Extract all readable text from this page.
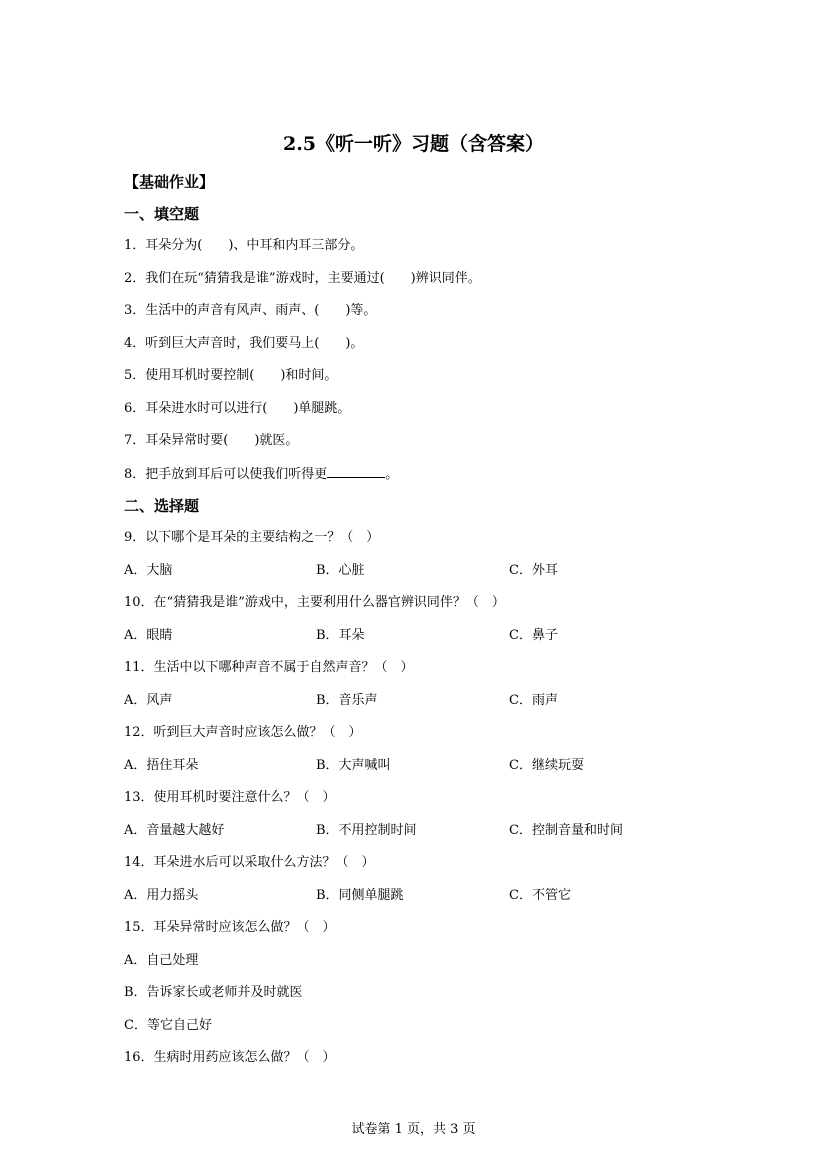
2.5《听一听》习题（含答案）
【基础作业】
一、填空题
1．耳朵分为(　　)、中耳和内耳三部分。
2．我们在玩“猜猜我是谁”游戏时，主要通过(　　)辨识同伴。
3．生活中的声音有风声、雨声、(　　)等。
4．听到巨大声音时，我们要马上(　　)。
5．使用耳机时要控制(　　)和时间。
6．耳朵进水时可以进行(　　)单腿跳。
7．耳朵异常时要(　　)就医。
8．把手放到耳后可以使我们听得更	。
二、选择题
9．以下哪个是耳朵的主要结构之一？（　）
A．大脑	B．心脏	C．外耳
10．在“猜猜我是谁”游戏中，主要利用什么器官辨识同伴？（　）
A．眼睛	B．耳朵	C．鼻子
11．生活中以下哪种声音不属于自然声音？（　）
A．风声	B．音乐声	C．雨声
12．听到巨大声音时应该怎么做？（　）
A．捂住耳朵	B．大声喊叫	C．继续玩耍
13．使用耳机时要注意什么？（　）
A．音量越大越好	B．不用控制时间	C．控制音量和时间
14．耳朵进水后可以采取什么方法？（　）
A．用力摇头	B．同侧单腿跳	C．不管它
15．耳朵异常时应该怎么做？（　）
A．自己处理
B．告诉家长或老师并及时就医
C．等它自己好
16．生病时用药应该怎么做？（　）
试卷第 1 页，共 3 页
